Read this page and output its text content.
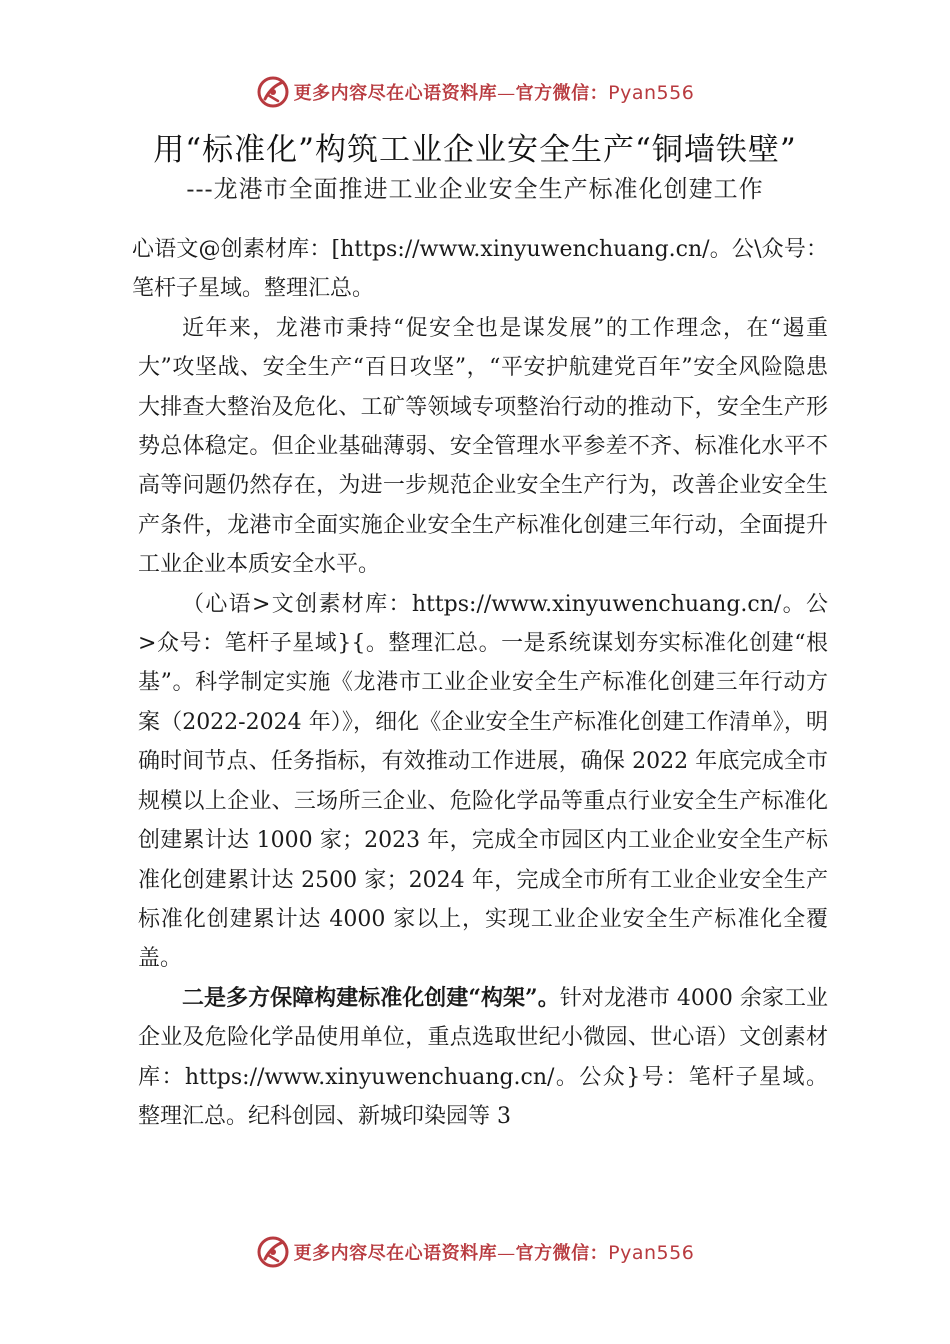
更多内容尽在心语资料库—官方微信：Pyan556
用“标准化”构筑工业企业安全生产“铜墙铁壁”
---龙港市全面推进工业企业安全生产标准化创建工作

心语文@创素材库：[https://www.xinyuwenchuang.cn/。公\众号：笔杆子星域。整理汇总。

近年来，龙港市秉持“促安全也是谋发展”的工作理念，在“遏重大”攻坚战、安全生产“百日攻坚”，“平安护航建党百年”安全风险隐患大排查大整治及危化、工矿等领域专项整治行动的推动下，安全生产形势总体稳定。但企业基础薄弱、安全管理水平参差不齐、标准化水平不高等问题仍然存在，为进一步规范企业安全生产行为，改善企业安全生产条件，龙港市全面实施企业安全生产标准化创建三年行动，全面提升工业企业本质安全水平。

（心语>文创素材库：https://www.xinyuwenchuang.cn/。公>众号：笔杆子星域}{。整理汇总。一是系统谋划夯实标准化创建“根基”。科学制定实施《龙港市工业企业安全生产标准化创建三年行动方案（2022-2024 年）》，细化《企业安全生产标准化创建工作清单》，明确时间节点、任务指标，有效推动工作进展，确保 2022 年底完成全市规模以上企业、三场所三企业、危险化学品等重点行业安全生产标准化创建累计达 1000 家；2023 年，完成全市园区内工业企业安全生产标准化创建累计达 2500 家；2024 年，完成全市所有工业企业安全生产标准化创建累计达 4000 家以上，实现工业企业安全生产标准化全覆盖。

二是多方保障构建标准化创建“构架”。针对龙港市 4000 余家工业企业及危险化学品使用单位，重点选取世纪小微园、世心语）文创素材库：https://www.xinyuwenchuang.cn/。公众}号：笔杆子星域。整理汇总。纪科创园、新城印染园等 3

更多内容尽在心语资料库—官方微信：Pyan556
